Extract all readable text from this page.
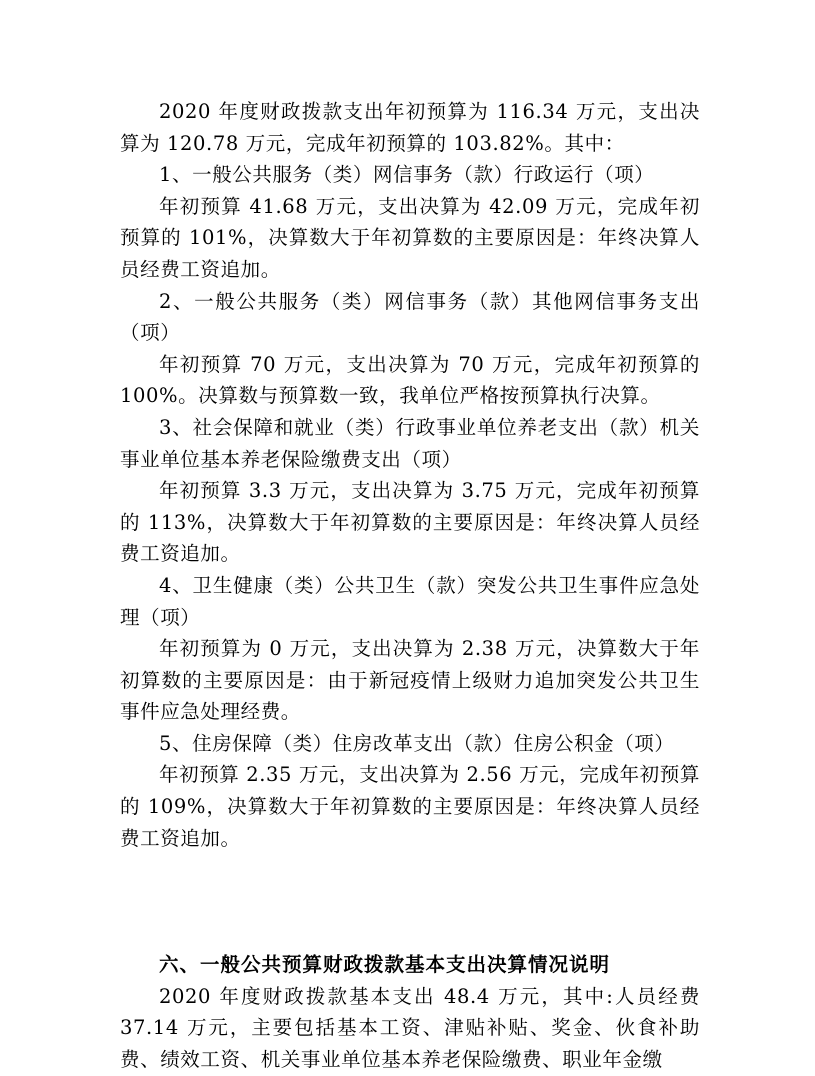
2020 年度财政拨款支出年初预算为 116.34 万元，支出决算为 120.78 万元，完成年初预算的 103.82%。其中：

1、一般公共服务（类）网信事务（款）行政运行（项）

年初预算 41.68 万元，支出决算为 42.09 万元，完成年初预算的 101%，决算数大于年初算数的主要原因是：年终决算人员经费工资追加。

2、一般公共服务（类）网信事务（款）其他网信事务支出（项）

年初预算 70 万元，支出决算为 70 万元，完成年初预算的 100%。决算数与预算数一致，我单位严格按预算执行决算。

3、社会保障和就业（类）行政事业单位养老支出（款）机关事业单位基本养老保险缴费支出（项）

年初预算 3.3 万元，支出决算为 3.75 万元，完成年初预算的 113%，决算数大于年初算数的主要原因是：年终决算人员经费工资追加。

4、卫生健康（类）公共卫生（款）突发公共卫生事件应急处理（项）

年初预算为 0 万元，支出决算为 2.38 万元，决算数大于年初算数的主要原因是：由于新冠疫情上级财力追加突发公共卫生事件应急处理经费。

5、住房保障（类）住房改革支出（款）住房公积金（项）

年初预算 2.35 万元，支出决算为 2.56 万元，完成年初预算的 109%，决算数大于年初算数的主要原因是：年终决算人员经费工资追加。

六、一般公共预算财政拨款基本支出决算情况说明

2020 年度财政拨款基本支出 48.4 万元，其中:人员经费 37.14 万元，主要包括基本工资、津贴补贴、奖金、伙食补助费、绩效工资、机关事业单位基本养老保险缴费、职业年金缴
